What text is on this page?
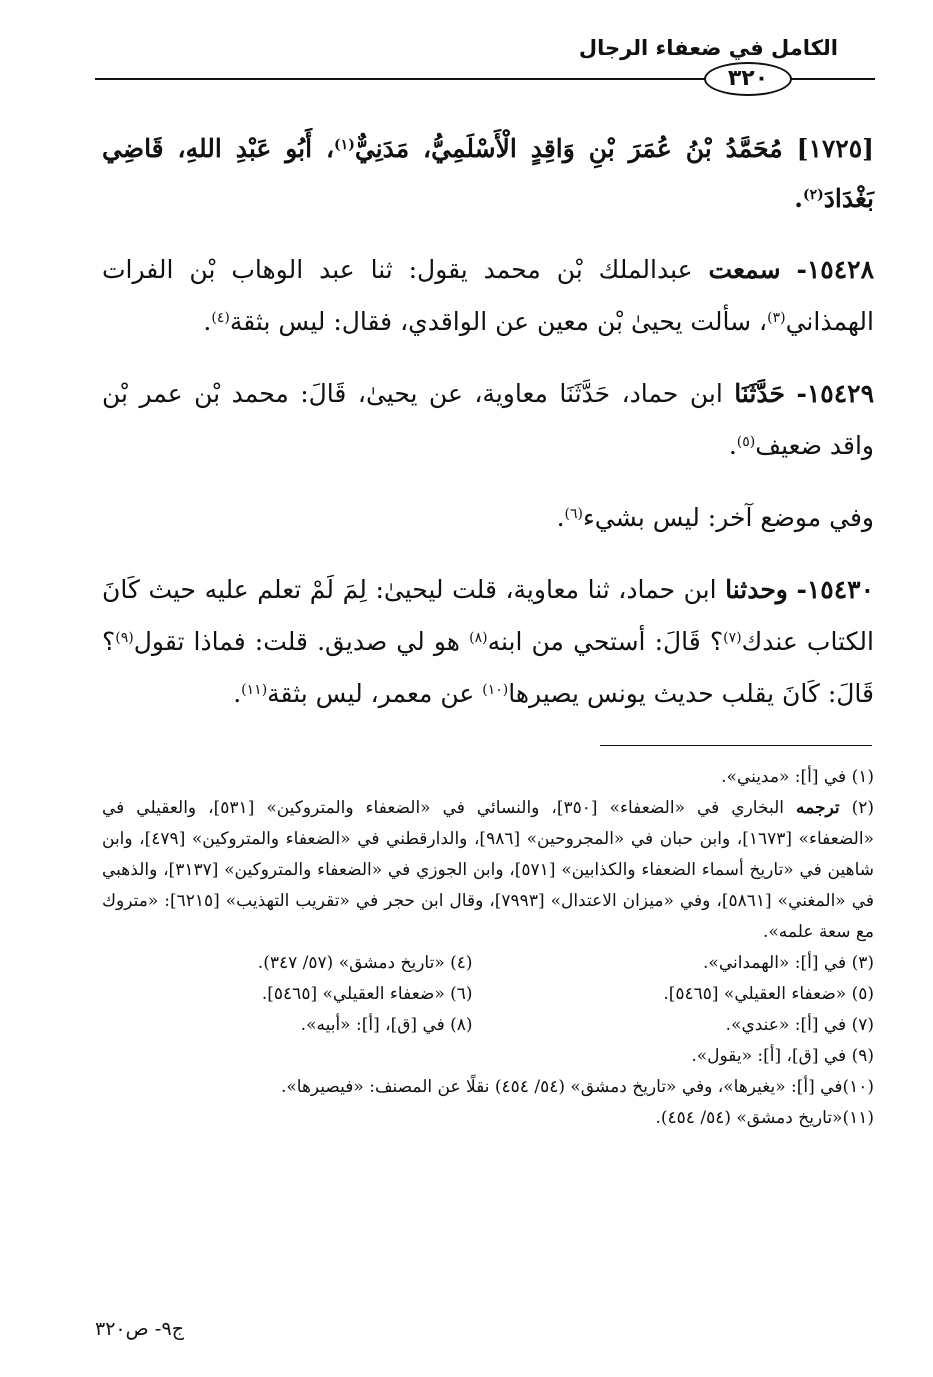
الكامل في ضعفاء الرجال
٣٢٠
[١٧٢٥] مُحَمَّدُ بْنُ عُمَرَ بْنِ وَاقِدٍ الْأَسْلَمِيُّ، مَدَنِيٌّ$^{(١)}$، أَبُو عَبْدِ اللهِ، قَاضِي بَغْدَادَ$^{(٢)}$.
١٥٤٢٨- سمعت عبدالملك بْن محمد يقول: ثنا عبد الوهاب بْن الفرات الهمذاني$^{(٣)}$، سألت يحيىٰ بْن معين عن الواقدي، فقال: ليس بثقة$^{(٤)}$.
١٥٤٢٩- حَدَّثَنَا ابن حماد، حَدَّثَنَا معاوية، عن يحيىٰ، قَالَ: محمد بْن عمر بْن واقد ضعيف$^{(٥)}$.
وفي موضع آخر: ليس بشيء$^{(٦)}$.
١٥٤٣٠- وحدثنا ابن حماد، ثنا معاوية، قلت ليحيىٰ: لِمَ لَمْ تعلم عليه حيث كَانَ الكتاب عندك$^{(٧)}$؟ قَالَ: أستحي من ابنه$^{(٨)}$ هو لي صديق. قلت: فماذا تقول$^{(٩)}$؟ قَالَ: كَانَ يقلب حديث يونس يصيرها$^{(١٠)}$ عن معمر، ليس بثقة$^{(١١)}$.
(١) في [أ]: «مديني».
(٢) ترجمه البخاري في «الضعفاء» [٣٥٠]، والنسائي في «الضعفاء والمتروكين» [٥٣١]، والعقيلي في «الضعفاء» [١٦٧٣]، وابن حبان في «المجروحين» [٩٨٦]، والدارقطني في «الضعفاء والمتروكين» [٤٧٩]، وابن شاهين في «تاريخ أسماء الضعفاء والكذابين» [٥٧١]، وابن الجوزي في «الضعفاء والمتروكين» [٣١٣٧]، والذهبي في «المغني» [٥٨٦١]، وفي «ميزان الاعتدال» [٧٩٩٣]، وقال ابن حجر في «تقريب التهذيب» [٦٢١٥]: «متروك مع سعة علمه».
(٣) في [أ]: «الهمداني».
(٤) «تاريخ دمشق» (٥٧/ ٣٤٧).
(٥) «ضعفاء العقيلي» [٥٤٦٥].
(٦) «ضعفاء العقيلي» [٥٤٦٥].
(٧) في [أ]: «عندي».
(٨) في [ق]، [أ]: «أبيه».
(٩) في [ق]، [أ]: «يقول».
(١٠)في [أ]: «يغيرها»، وفي «تاريخ دمشق» (٥٤/ ٤٥٤) نقلًا عن المصنف: «فيصيرها».
(١١)«تاريخ دمشق» (٥٤/ ٤٥٤).
ج٩- ص٣٢٠
